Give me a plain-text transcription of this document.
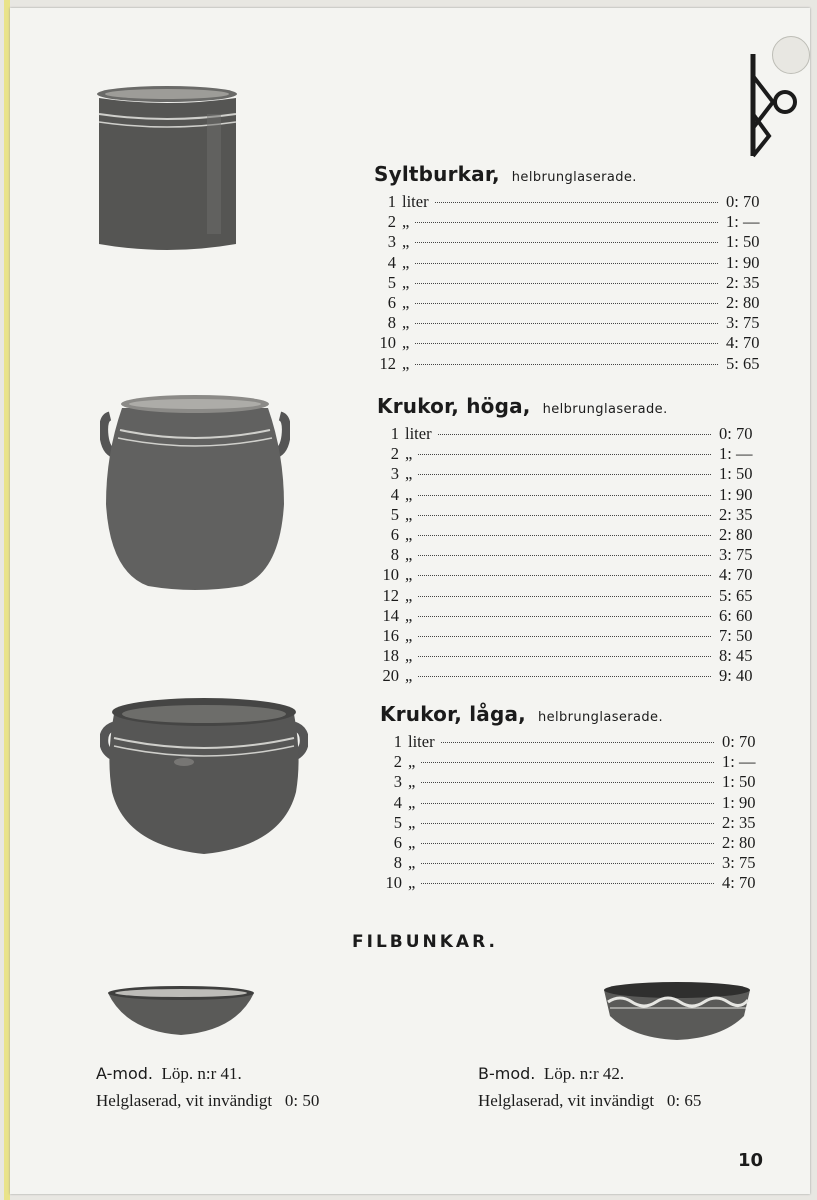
Syltburkar, helbrunglaserade.
1 liter	0: 70
2 „	1: —
3 „	1: 50
4 „	1: 90
5 „	2: 35
6 „	2: 80
8 „	3: 75
10 „	4: 70
12 „	5: 65
Krukor, höga, helbrunglaserade.
1 liter	0: 70
2 „	1: —
3 „	1: 50
4 „	1: 90
5 „	2: 35
6 „	2: 80
8 „	3: 75
10 „	4: 70
12 „	5: 65
14 „	6: 60
16 „	7: 50
18 „	8: 45
20 „	9: 40
Krukor, låga, helbrunglaserade.
1 liter	0: 70
2 „	1: —
3 „	1: 50
4 „	1: 90
5 „	2: 35
6 „	2: 80
8 „	3: 75
10 „	4: 70
FILBUNKAR.
A-mod. Löp. n:r 41.
Helglaserad, vit invändigt 0: 50
B-mod. Löp. n:r 42.
Helglaserad, vit invändigt 0: 65
10
